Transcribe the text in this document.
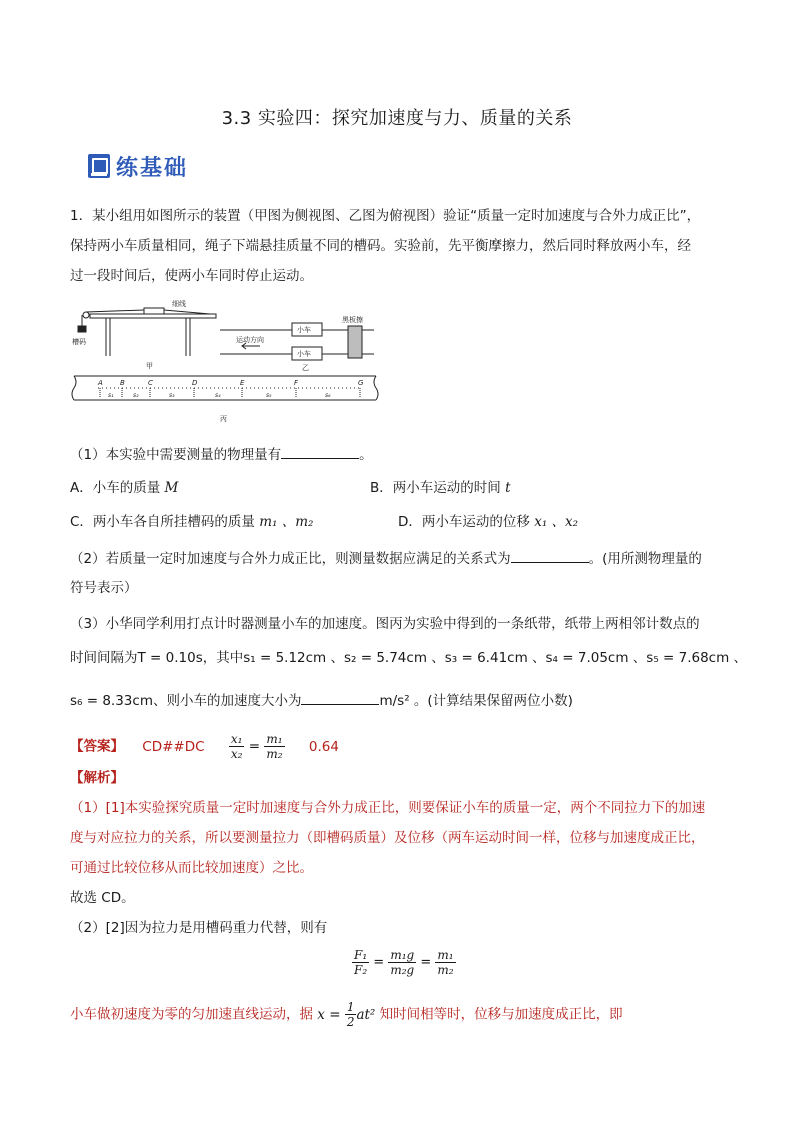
3.3 实验四：探究加速度与力、质量的关系
练基础
1．某小组用如图所示的装置（甲图为侧视图、乙图为俯视图）验证“质量一定时加速度与合外力成正比”，
保持两小车质量相同，绳子下端悬挂质量不同的槽码。实验前，先平衡摩擦力，然后同时释放两小车，经
过一段时间后，使两小车同时停止运动。
细线
槽码
甲
小车
小车
运动方向
黑板擦
乙
A B	C	D	E	F	G
s₁	s₂	s₃	s₄	s₅	s₆
丙
（1）本实验中需要测量的物理量有	。
A．小车的质量 M	B．两小车运动的时间 t
C．两小车各自所挂槽码的质量 m₁ 、m₂	D．两小车运动的位移 x₁ 、x₂
（2）若质量一定时加速度与合外力成正比，则测量数据应满足的关系式为	。(用所测物理量的
符号表示）
（3）小华同学利用打点计时器测量小车的加速度。图丙为实验中得到的一条纸带，纸带上两相邻计数点的
时间间隔为T = 0.10s，其中s₁ = 5.12cm 、s₂ = 5.74cm 、s₃ = 6.41cm 、s₄ = 7.05cm 、s₅ = 7.68cm 、
s₆ = 8.33cm、则小车的加速度大小为	m/s² 。(计算结果保留两位小数)
【答案】 CD##DC $\frac{\text{x₁}}{\text{x₂}} = \frac{\text{m₁}}{\text{m₂}} 0.64$
【解析】
（1）[1]本实验探究质量一定时加速度与合外力成正比，则要保证小车的质量一定，两个不同拉力下的加速
度与对应拉力的关系，所以要测量拉力（即槽码质量）及位移（两车运动时间一样，位移与加速度成正比，
可通过比较位移从而比较加速度）之比。
故选 CD。
（2）[2]因为拉力是用槽码重力代替，则有
$\frac{\text{F₁}}{\text{F₂}} = \frac{\text{m₁g}}{\text{m₂g}} = \frac{\text{m₁}}{\text{m₂}}$
小车做初速度为零的匀加速直线运动，据 $x = \frac{1}{2} at^2$ 知时间相等时，位移与加速度成正比，即
